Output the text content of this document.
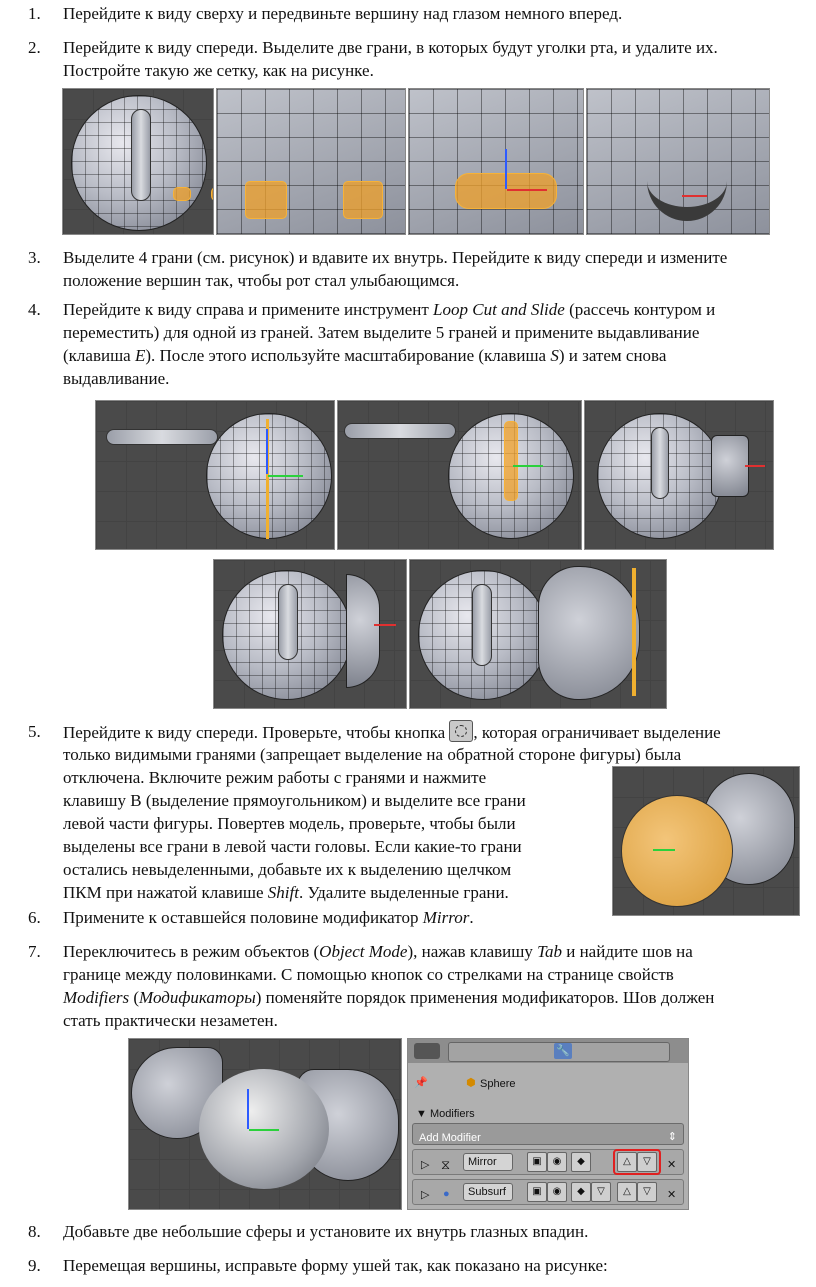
1. Перейдите к виду сверху и передвиньте вершину над глазом немного вперед.
2. Перейдите к виду спереди. Выделите две грани, в которых будут уголки рта, и удалите их.
Постройте такую же сетку, как на рисунке.
3. Выделите 4 грани (см. рисунок) и вдавите их внутрь. Перейдите к виду спереди и измените
положение вершин так, чтобы рот стал улыбающимся.
4. Перейдите к виду справа и примените инструмент Loop Cut and Slide (рассечь контуром и
переместить) для одной из граней. Затем выделите 5 граней и примените выдавливание
(клавиша E). После этого используйте масштабирование (клавиша S) и затем снова
выдавливание.
5. Перейдите к виду спереди. Проверьте, чтобы кнопка
, которая ограничивает выделение
только видимыми гранями (запрещает выделение на обратной стороне фигуры) была
отключена. Включите режим работы с гранями и нажмите
клавишу B (выделение прямоугольником) и выделите все грани
левой части фигуры. Повертев модель, проверьте, чтобы были
выделены все грани в левой части головы. Если какие-то грани
остались невыделенными, добавьте их к выделению щелчком
ПКМ при нажатой клавише Shift. Удалите выделенные грани.
6. Примените к оставшейся половине модификатор Mirror.
7. Переключитесь в режим объектов (Object Mode), нажав клавишу Tab и найдите шов на
границе между половинками. С помощью кнопок со стрелками на странице свойств
Modifiers (Модификаторы) поменяйте порядок применения модификаторов. Шов должен
стать практически незаметен.
🔧
📌	⬢ Sphere
▼ Modifiers
Add Modifier	⇕
▷ ⧖	Mirror	▣	◉	◆	△	▽	✕
▷ ●	Subsurf	▣	◉	◆	▽	△	▽	✕
8. Добавьте две небольшие сферы и установите их внутрь глазных впадин.
9. Перемещая вершины, исправьте форму ушей так, как показано на рисунке:
